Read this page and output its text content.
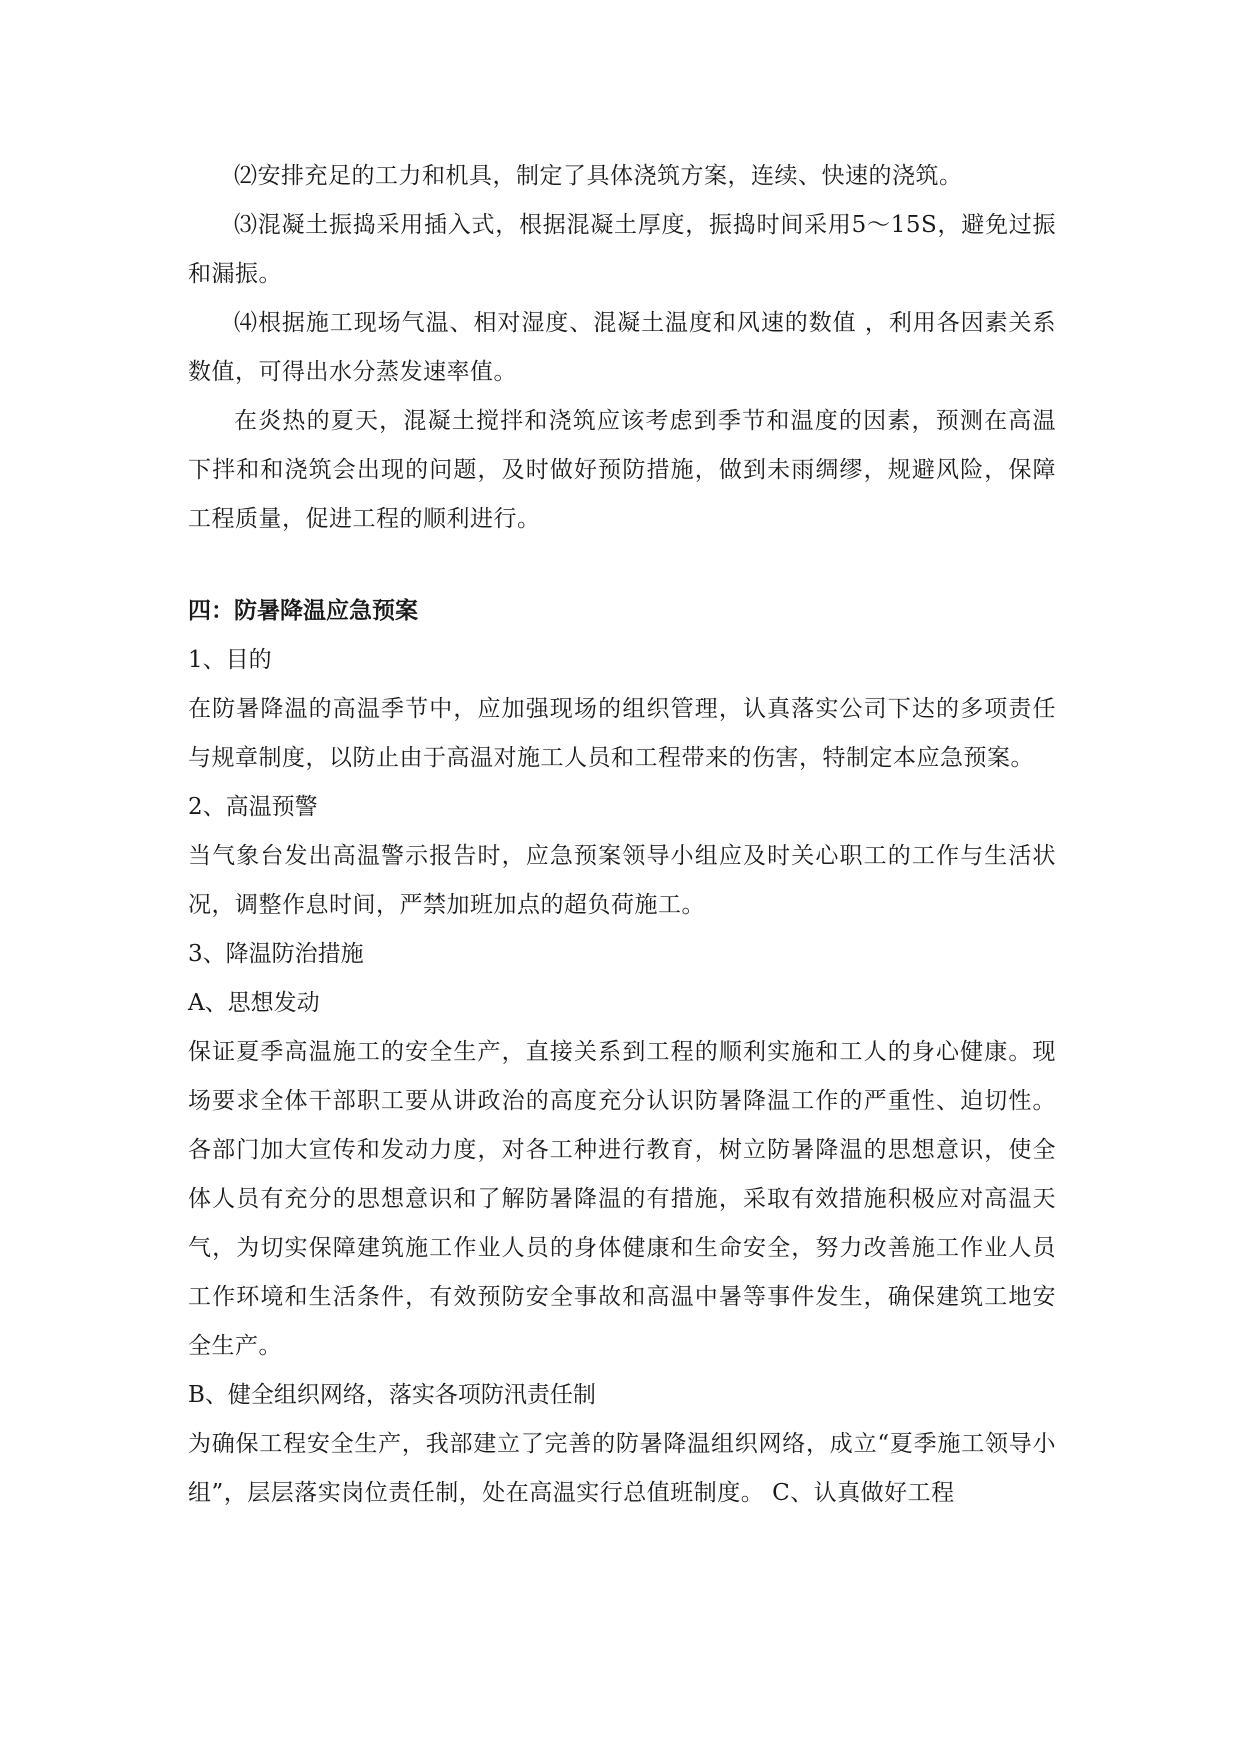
⑵安排充足的工力和机具，制定了具体浇筑方案，连续、快速的浇筑。

⑶混凝土振捣采用插入式，根据混凝土厚度，振捣时间采用5～15S，避免过振和漏振。

⑷根据施工现场气温、相对湿度、混凝土温度和风速的数值 ，利用各因素关系数值，可得出水分蒸发速率值。

在炎热的夏天，混凝土搅拌和浇筑应该考虑到季节和温度的因素，预测在高温下拌和和浇筑会出现的问题，及时做好预防措施，做到未雨绸缪，规避风险，保障工程质量，促进工程的顺利进行。

四：防暑降温应急预案

1、目的

在防暑降温的高温季节中，应加强现场的组织管理，认真落实公司下达的多项责任与规章制度，以防止由于高温对施工人员和工程带来的伤害，特制定本应急预案。

2、高温预警

当气象台发出高温警示报告时，应急预案领导小组应及时关心职工的工作与生活状况，调整作息时间，严禁加班加点的超负荷施工。

3、降温防治措施

A、思想发动

保证夏季高温施工的安全生产，直接关系到工程的顺利实施和工人的身心健康。现场要求全体干部职工要从讲政治的高度充分认识防暑降温工作的严重性、迫切性。各部门加大宣传和发动力度，对各工种进行教育，树立防暑降温的思想意识，使全体人员有充分的思想意识和了解防暑降温的有措施，采取有效措施积极应对高温天气，为切实保障建筑施工作业人员的身体健康和生命安全，努力改善施工作业人员工作环境和生活条件，有效预防安全事故和高温中暑等事件发生，确保建筑工地安全生产。

B、健全组织网络，落实各项防汛责任制

为确保工程安全生产，我部建立了完善的防暑降温组织网络，成立“夏季施工领导小组”，层层落实岗位责任制，处在高温实行总值班制度。 C、认真做好工程
